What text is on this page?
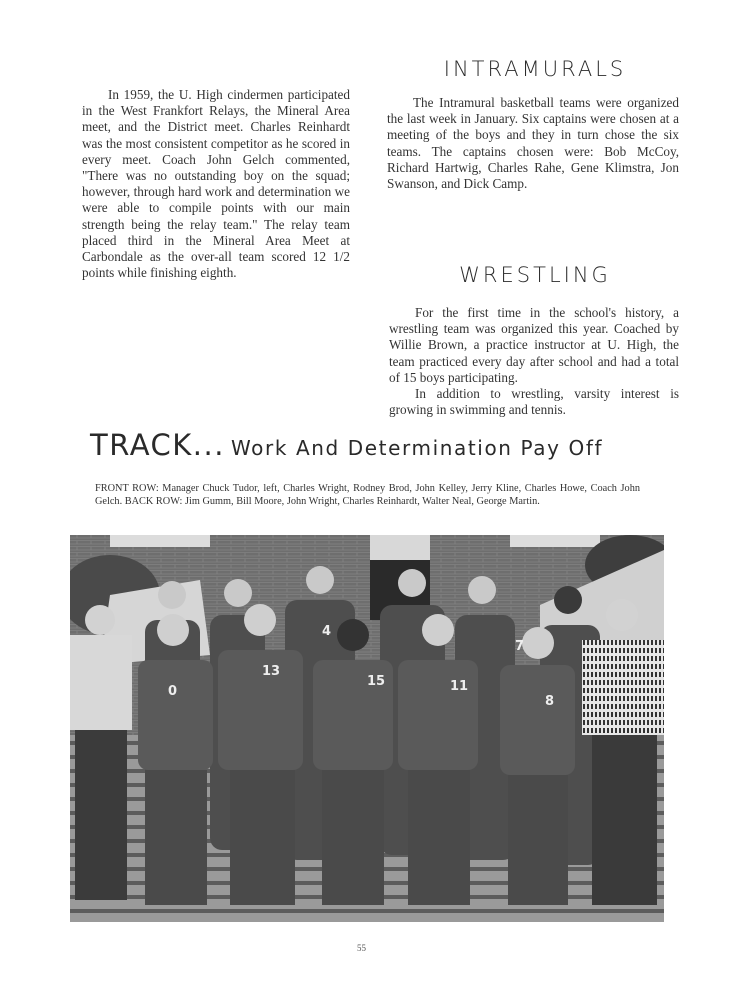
In 1959, the U. High cindermen participated in the West Frankfort Relays, the Mineral Area meet, and the District meet. Charles Reinhardt was the most consistent competitor as he scored in every meet. Coach John Gelch commented, "There was no outstanding boy on the squad; however, through hard work and determination we were able to compile points with our main strength being the relay team." The relay team placed third in the Mineral Area Meet at Carbondale as the over-all team scored 12 1/2 points while finishing eighth.

INTRAMURALS

The Intramural basketball teams were organized the last week in January. Six captains were chosen at a meeting of the boys and they in turn chose the six teams. The captains chosen were: Bob McCoy, Richard Hartwig, Charles Rahe, Gene Klimstra, Jon Swanson, and Dick Camp.

WRESTLING

For the first time in the school's history, a wrestling team was organized this year. Coached by Willie Brown, a practice instructor at U. High, the team practiced every day after school and had a total of 15 boys participating.

In addition to wrestling, varsity interest is growing in swimming and tennis.

TRACK... Work And Determination Pay Off
FRONT ROW: Manager Chuck Tudor, left, Charles Wright, Rodney Brod, John Kelley, Jerry Kline, Charles Howe, Coach John Gelch. BACK ROW: Jim Gumm, Bill Moore, John Wright, Charles Reinhardt, Walter Neal, George Martin.
0
13
15	11
8
4
7
55
